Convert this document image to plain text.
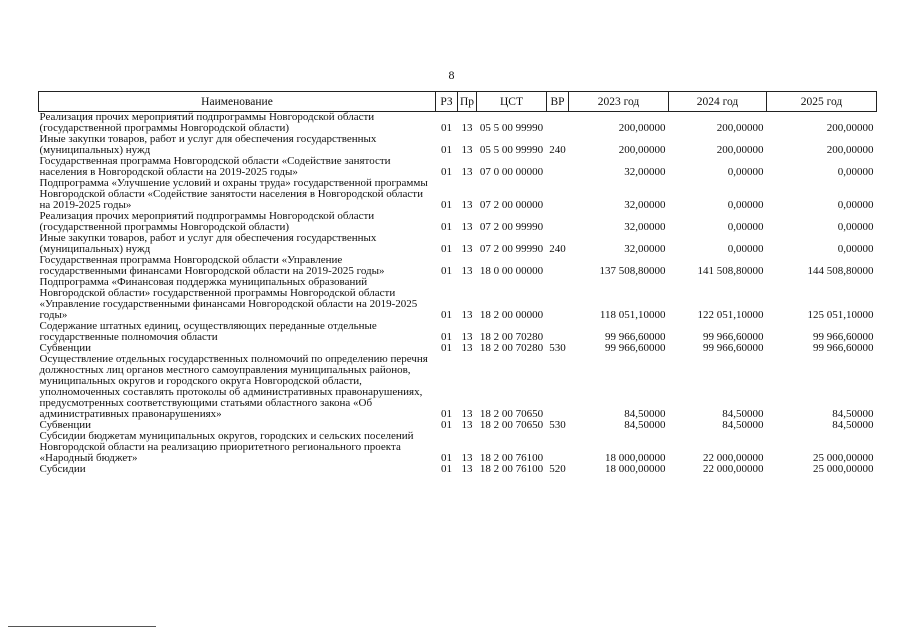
8
Наименование	РЗ	Пр	ЦСТ	ВР	2023 год	2024 год	2025 год
Реализация прочих мероприятий подпрограммы Новгородской области (государственной программы Новгородской области)	01	13	05 5 00 99990		200,00000	200,00000	200,00000
Иные закупки товаров, работ и услуг для обеспечения государственных (муниципальных) нужд	01	13	05 5 00 99990	240	200,00000	200,00000	200,00000
Государственная программа Новгородской области «Содействие занятости населения в Новгородской области на 2019-2025 годы»	01	13	07 0 00 00000		32,00000	0,00000	0,00000
Подпрограмма «Улучшение условий и охраны труда» государственной программы Новгородской области «Содействие занятости населения в Новгородской области на 2019-2025 годы»	01	13	07 2 00 00000		32,00000	0,00000	0,00000
Реализация прочих мероприятий подпрограммы Новгородской области (государственной программы Новгородской области)	01	13	07 2 00 99990		32,00000	0,00000	0,00000
Иные закупки товаров, работ и услуг для обеспечения государственных (муниципальных) нужд	01	13	07 2 00 99990	240	32,00000	0,00000	0,00000
Государственная программа Новгородской области «Управление государственными финансами Новгородской области на 2019-2025 годы»	01	13	18 0 00 00000		137 508,80000	141 508,80000	144 508,80000
Подпрограмма «Финансовая поддержка муниципальных образований Новгородской области» государственной программы Новгородской области «Управление государственными финансами Новгородской области на 2019-2025 годы»	01	13	18 2 00 00000		118 051,10000	122 051,10000	125 051,10000
Содержание штатных единиц, осуществляющих переданные отдельные государственные полномочия области	01	13	18 2 00 70280		99 966,60000	99 966,60000	99 966,60000
Субвенции	01	13	18 2 00 70280	530	99 966,60000	99 966,60000	99 966,60000
Осуществление отдельных государственных полномочий по определению перечня должностных лиц органов местного самоуправления муниципальных районов, муниципальных округов и городского округа Новгородской области, уполномоченных составлять протоколы об административных правонарушениях, предусмотренных соответствующими статьями областного закона «Об административных правонарушениях»	01	13	18 2 00 70650		84,50000	84,50000	84,50000
Субвенции	01	13	18 2 00 70650	530	84,50000	84,50000	84,50000
Субсидии бюджетам муниципальных округов, городских и сельских поселений Новгородской области на реализацию приоритетного регионального проекта «Народный бюджет»	01	13	18 2 00 76100		18 000,00000	22 000,00000	25 000,00000
Субсидии	01	13	18 2 00 76100	520	18 000,00000	22 000,00000	25 000,00000
